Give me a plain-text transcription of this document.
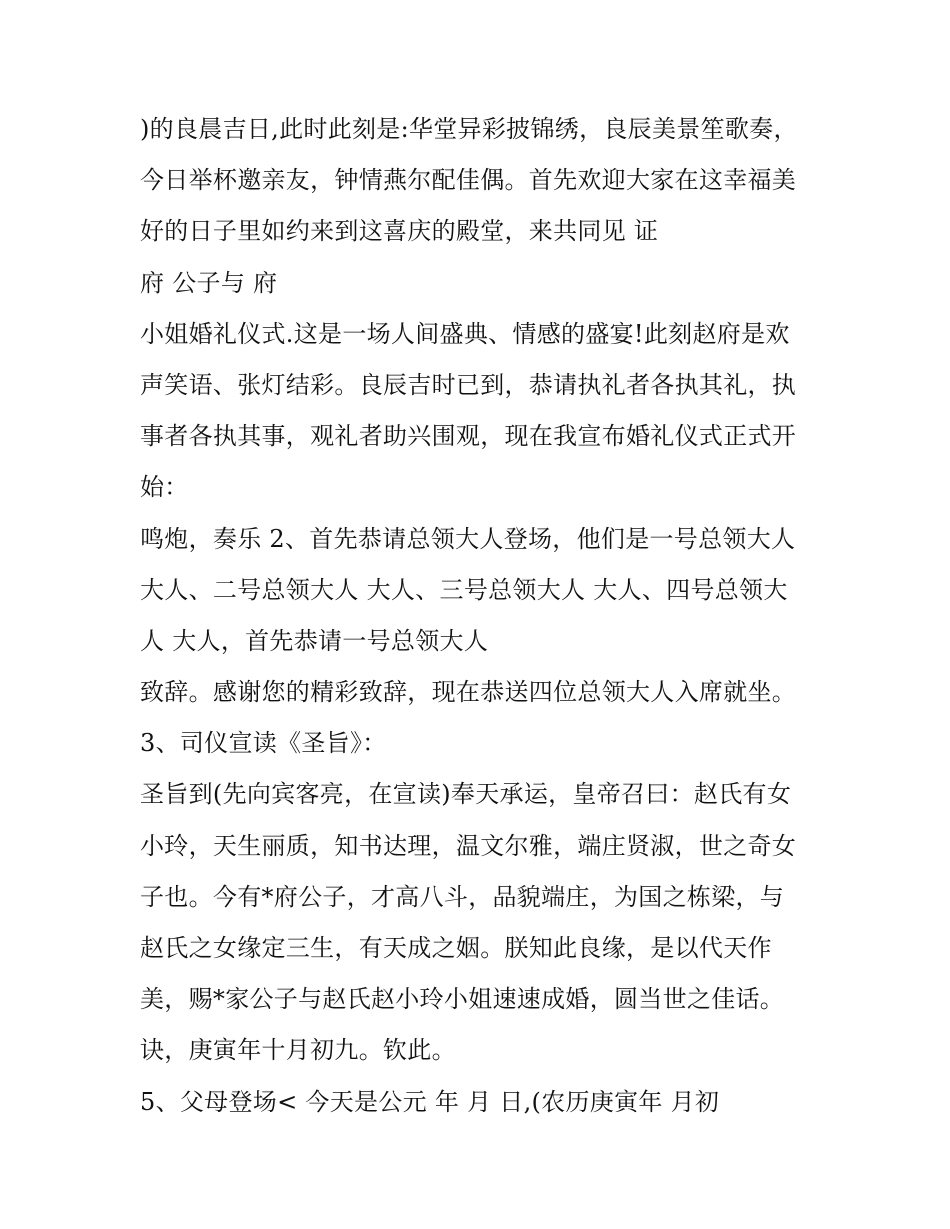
)的良晨吉日,此时此刻是:华堂异彩披锦绣，良辰美景笙歌奏，
今日举杯邀亲友，钟情燕尔配佳偶。首先欢迎大家在这幸福美
好的日子里如约来到这喜庆的殿堂，来共同见 证
府 公子与 府
小姐婚礼仪式.这是一场人间盛典、情感的盛宴!此刻赵府是欢
声笑语、张灯结彩。良辰吉时已到，恭请执礼者各执其礼，执
事者各执其事，观礼者助兴围观，现在我宣布婚礼仪式正式开
始：
鸣炮，奏乐 2、首先恭请总领大人登场，他们是一号总领大人
大人、二号总领大人 大人、三号总领大人 大人、四号总领大
人 大人，首先恭请一号总领大人
致辞。感谢您的精彩致辞，现在恭送四位总领大人入席就坐。
3、司仪宣读《圣旨》：
圣旨到(先向宾客亮，在宣读)奉天承运，皇帝召曰：赵氏有女
小玲，天生丽质，知书达理，温文尔雅，端庄贤淑，世之奇女
子也。今有*府公子，才高八斗，品貌端庄，为国之栋梁，与
赵氏之女缘定三生，有天成之姻。朕知此良缘，是以代天作
美，赐*家公子与赵氏赵小玲小姐速速成婚，圆当世之佳话。
诀，庚寅年十月初九。钦此。
5、父母登场< 今天是公元 年 月 日,(农历庚寅年 月初
